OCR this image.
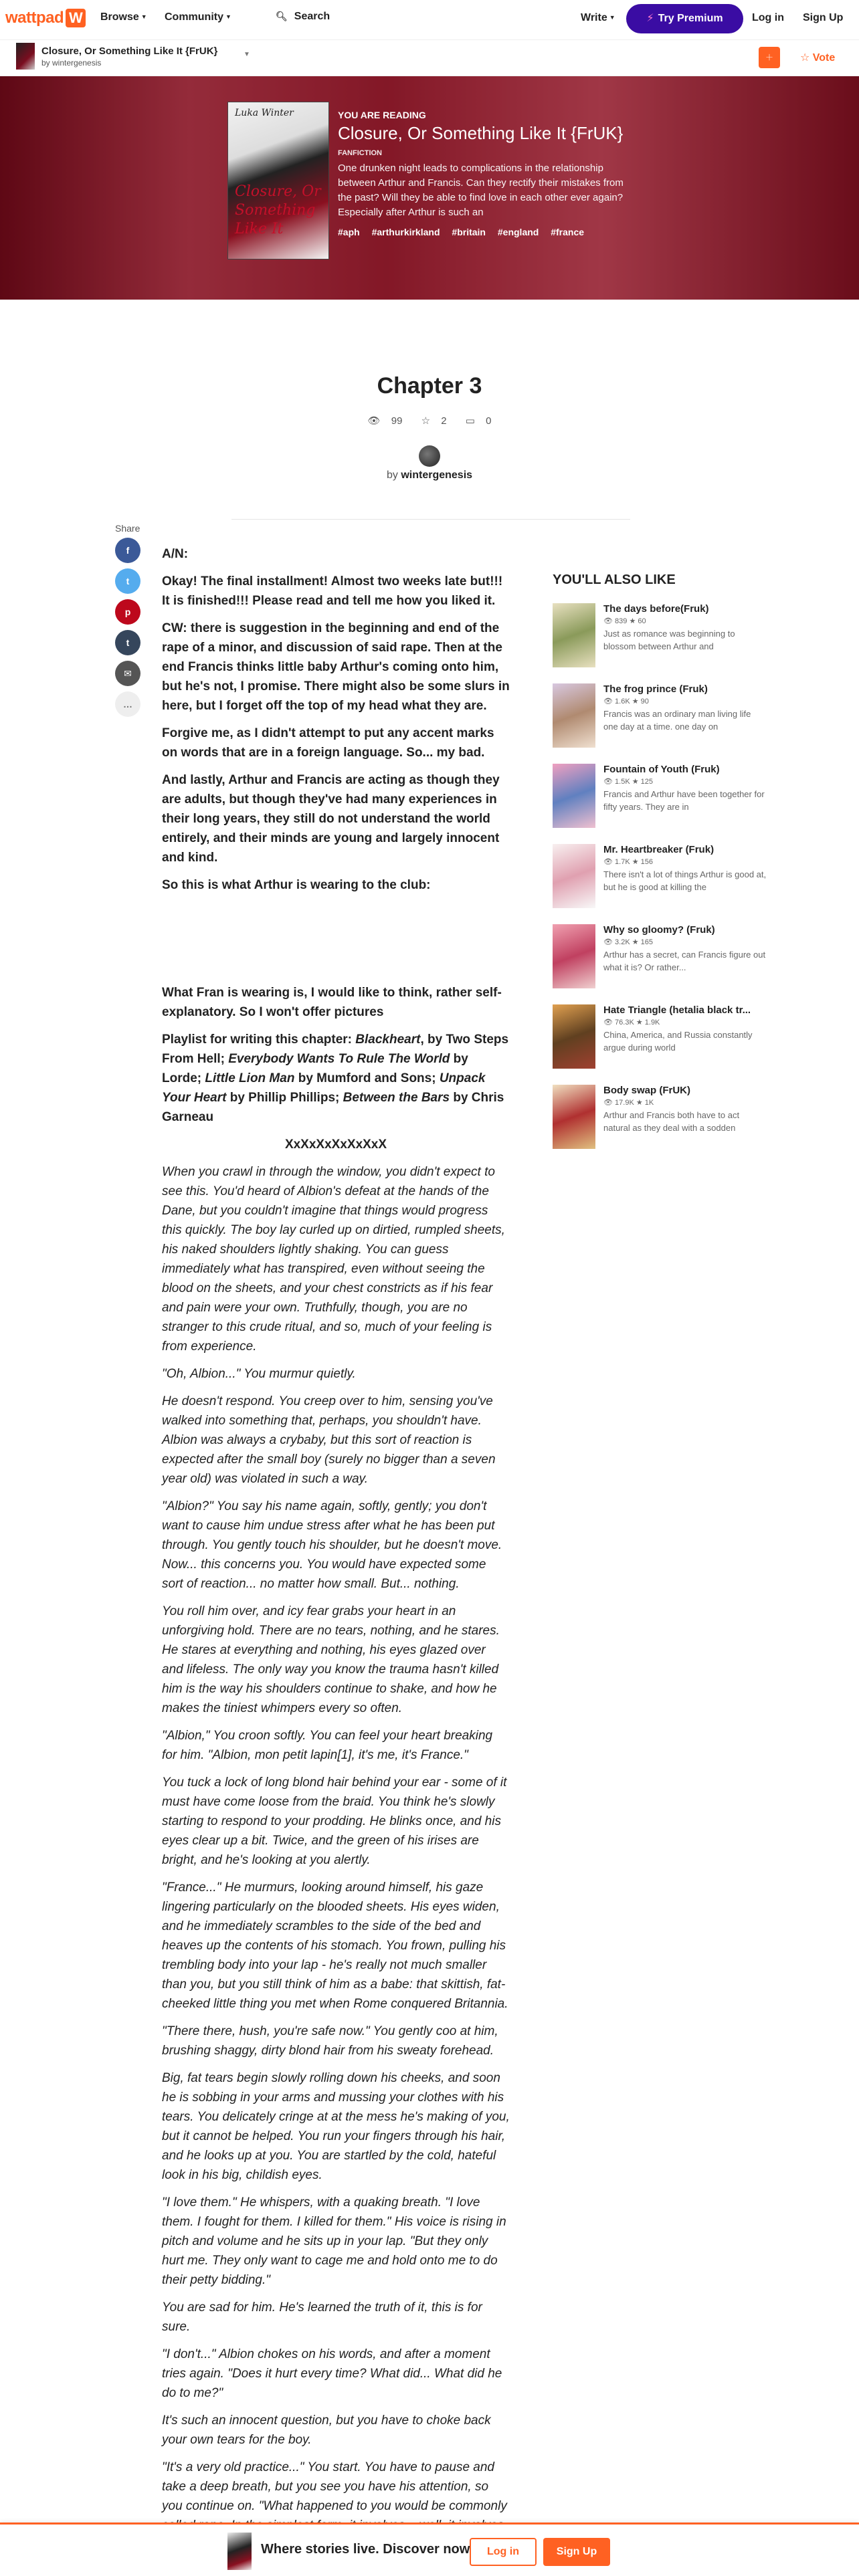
wattpad W	Browse ▼ Community ▼	🔍︎ Search	Write ▼	⚡ Try Premium	Log in Sign Up
Closure, Or Something Like It {FrUK}
by wintergenesis
▼	＋	☆ Vote
Luka Winter
Closure, Or Something Like It
YOU ARE READING
Closure, Or Something Like It {FrUK}
FANFICTION
One drunken night leads to complications in the relationship between Arthur and Francis. Can they rectify their mistakes from the past? Will they be able to find love in each other ever again? Especially after Arthur is such an
#aph #arthurkirkland #britain #england #france
Chapter 3
👁︎ 99 ☆ 2 ▭ 0
by wintergenesis
Share
f
t
p
t
✉
…

A/N:

Okay! The final installment! Almost two weeks late but!!! It is finished!!! Please read and tell me how you liked it.

CW: there is suggestion in the beginning and end of the rape of a minor, and discussion of said rape. Then at the end Francis thinks little baby Arthur's coming onto him, but he's not, I promise. There might also be some slurs in here, but I forget off the top of my head what they are.

Forgive me, as I didn't attempt to put any accent marks on words that are in a foreign language. So... my bad.

And lastly, Arthur and Francis are acting as though they are adults, but though they've had many experiences in their long years, they still do not understand the world entirely, and their minds are young and largely innocent and kind.

So this is what Arthur is wearing to the club:

What Fran is wearing is, I would like to think, rather self-explanatory. So I won't offer pictures

Playlist for writing this chapter: Blackheart, by Two Steps From Hell; Everybody Wants To Rule The World by Lorde; Little Lion Man by Mumford and Sons; Unpack Your Heart by Phillip Phillips; Between the Bars by Chris Garneau

XxXxXxXxXxXxX

When you crawl in through the window, you didn't expect to see this. You'd heard of Albion's defeat at the hands of the Dane, but you couldn't imagine that things would progress this quickly. The boy lay curled up on dirtied, rumpled sheets, his naked shoulders lightly shaking. You can guess immediately what has transpired, even without seeing the blood on the sheets, and your chest constricts as if his fear and pain were your own. Truthfully, though, you are no stranger to this crude ritual, and so, much of your feeling is from experience.

"Oh, Albion..." You murmur quietly.

He doesn't respond. You creep over to him, sensing you've walked into something that, perhaps, you shouldn't have. Albion was always a crybaby, but this sort of reaction is expected after the small boy (surely no bigger than a seven year old) was violated in such a way.

"Albion?" You say his name again, softly, gently; you don't want to cause him undue stress after what he has been put through. You gently touch his shoulder, but he doesn't move. Now... this concerns you. You would have expected some sort of reaction... no matter how small. But... nothing.

You roll him over, and icy fear grabs your heart in an unforgiving hold. There are no tears, nothing, and he stares. He stares at everything and nothing, his eyes glazed over and lifeless. The only way you know the trauma hasn't killed him is the way his shoulders continue to shake, and how he makes the tiniest whimpers every so often.

"Albion," You croon softly. You can feel your heart breaking for him. "Albion, mon petit lapin[1], it's me, it's France."

You tuck a lock of long blond hair behind your ear - some of it must have come loose from the braid. You think he's slowly starting to respond to your prodding. He blinks once, and his eyes clear up a bit. Twice, and the green of his irises are bright, and he's looking at you alertly.

"France..." He murmurs, looking around himself, his gaze lingering particularly on the blooded sheets. His eyes widen, and he immediately scrambles to the side of the bed and heaves up the contents of his stomach. You frown, pulling his trembling body into your lap - he's really not much smaller than you, but you still think of him as a babe: that skittish, fat-cheeked little thing you met when Rome conquered Britannia.

"There there, hush, you're safe now." You gently coo at him, brushing shaggy, dirty blond hair from his sweaty forehead.

Big, fat tears begin slowly rolling down his cheeks, and soon he is sobbing in your arms and mussing your clothes with his tears. You delicately cringe at at the mess he's making of you, but it cannot be helped. You run your fingers through his hair, and he looks up at you. You are startled by the cold, hateful look in his big, childish eyes.

"I love them." He whispers, with a quaking breath. "I love them. I fought for them. I killed for them." His voice is rising in pitch and volume and he sits up in your lap. "But they only hurt me. They only want to cage me and hold onto me to do their petty bidding."

You are sad for him. He's learned the truth of it, this is for sure.

"I don't..." Albion chokes on his words, and after a moment tries again. "Does it hurt every time? What did... What did he do to me?"

It's such an innocent question, but you have to choke back your own tears for the boy.

"It's a very old practice..." You start. You have to pause and take a deep breath, but you see you have his attention, so you continue on. "What happened to you would be commonly

YOU'LL ALSO LIKE
The days before(Fruk)
👁︎ 839 ★ 60
Just as romance was beginning to blossom between Arthur and
The frog prince (Fruk)
👁︎ 1.6K ★ 90
Francis was an ordinary man living life one day at a time. one day on
Fountain of Youth (Fruk)
👁︎ 1.5K ★ 125
Francis and Arthur have been together for fifty years. They are in
Mr. Heartbreaker (Fruk)
👁︎ 1.7K ★ 156
There isn't a lot of things Arthur is good at, but he is good at killing the
Why so gloomy? (Fruk)
👁︎ 3.2K ★ 165
Arthur has a secret, can Francis figure out what it is? Or rather...
Hate Triangle (hetalia black tr...
👁︎ 76.3K ★ 1.9K
China, America, and Russia constantly argue during world
Body swap (FrUK)
👁︎ 17.9K ★ 1K
Arthur and Francis both have to act natural as they deal with a sodden
Where stories live. Discover now	Log in	Sign Up
